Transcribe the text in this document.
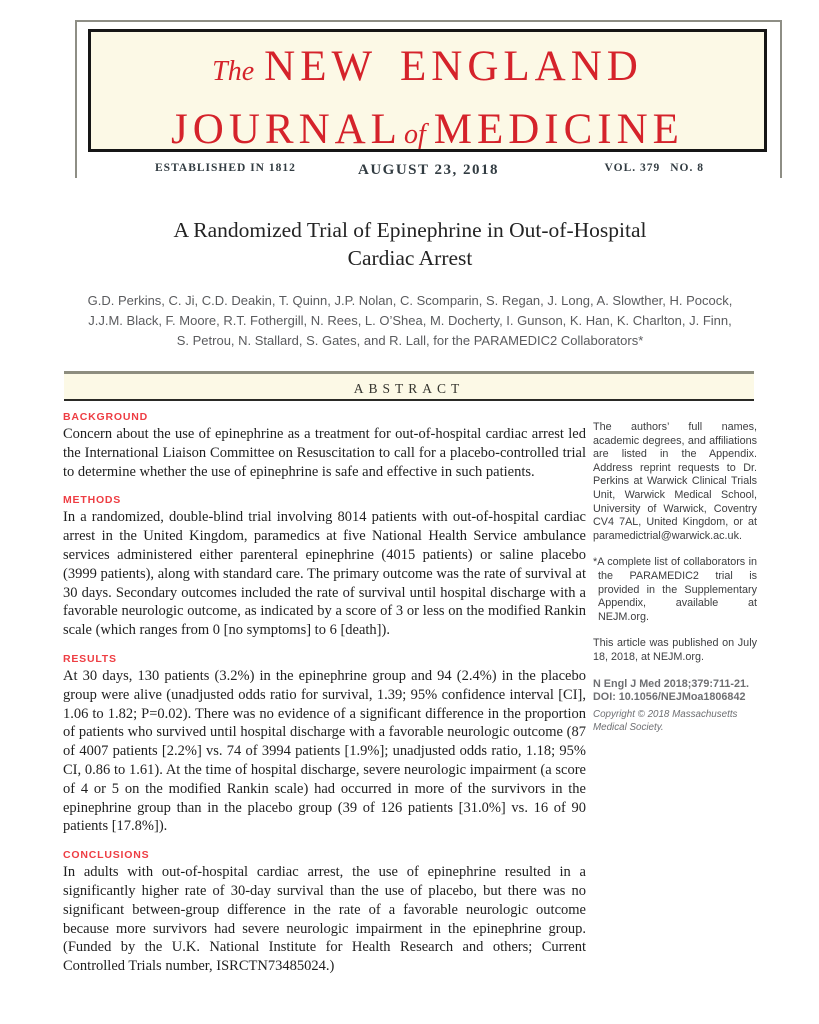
The NEW ENGLAND
JOURNALof MEDICINE
ESTABLISHED IN 1812	AUGUST 23, 2018	VOL. 379 NO. 8
A Randomized Trial of Epinephrine in Out-of-Hospital
Cardiac Arrest
G.D. Perkins, C. Ji, C.D. Deakin, T. Quinn, J.P. Nolan, C. Scomparin, S. Regan, J. Long, A. Slowther, H. Pocock,
J.J.M. Black, F. Moore, R.T. Fothergill, N. Rees, L. O’Shea, M. Docherty, I. Gunson, K. Han, K. Charlton, J. Finn,
S. Petrou, N. Stallard, S. Gates, and R. Lall, for the PARAMEDIC2 Collaborators*
ABSTRACT
BACKGROUND

Concern about the use of epinephrine as a treatment for out-of-hospital cardiac arrest led the International Liaison Committee on Resuscitation to call for a placebo-controlled trial to determine whether the use of epinephrine is safe and effective in such patients.

METHODS

In a randomized, double-blind trial involving 8014 patients with out-of-hospital cardiac arrest in the United Kingdom, paramedics at five National Health Service ambulance services administered either parenteral epinephrine (4015 patients) or saline placebo (3999 patients), along with standard care. The primary outcome was the rate of survival at 30 days. Secondary outcomes included the rate of survival until hospital discharge with a favorable neurologic outcome, as indicated by a score of 3 or less on the modified Rankin scale (which ranges from 0 [no symptoms] to 6 [death]).

RESULTS

At 30 days, 130 patients (3.2%) in the epinephrine group and 94 (2.4%) in the placebo group were alive (unadjusted odds ratio for survival, 1.39; 95% confidence interval [CI], 1.06 to 1.82; P=0.02). There was no evidence of a significant difference in the proportion of patients who survived until hospital discharge with a favorable neurologic outcome (87 of 4007 patients [2.2%] vs. 74 of 3994 patients [1.9%]; unadjusted odds ratio, 1.18; 95% CI, 0.86 to 1.61). At the time of hospital discharge, severe neurologic impairment (a score of 4 or 5 on the modified Rankin scale) had occurred in more of the survivors in the epinephrine group than in the placebo group (39 of 126 patients [31.0%] vs. 16 of 90 patients [17.8%]).

CONCLUSIONS

In adults with out-of-hospital cardiac arrest, the use of epinephrine resulted in a significantly higher rate of 30-day survival than the use of placebo, but there was no significant between-group difference in the rate of a favorable neurologic outcome because more survivors had severe neurologic impairment in the epinephrine group. (Funded by the U.K. National Institute for Health Research and others; Current Controlled Trials number, ISRCTN73485024.)

The authors’ full names, academic degrees, and affiliations are listed in the Appendix. Address reprint requests to Dr. Perkins at Warwick Clinical Trials Unit, Warwick Medical School, University of Warwick, Coventry CV4 7AL, United Kingdom, or at paramedictrial@warwick.ac.uk.

*A complete list of collaborators in the PARAMEDIC2 trial is provided in the Supplementary Appendix, available at NEJM.org.

This article was published on July 18, 2018, at NEJM.org.

N Engl J Med 2018;379:711-21.
DOI: 10.1056/NEJMoa1806842

Copyright © 2018 Massachusetts Medical Society.
